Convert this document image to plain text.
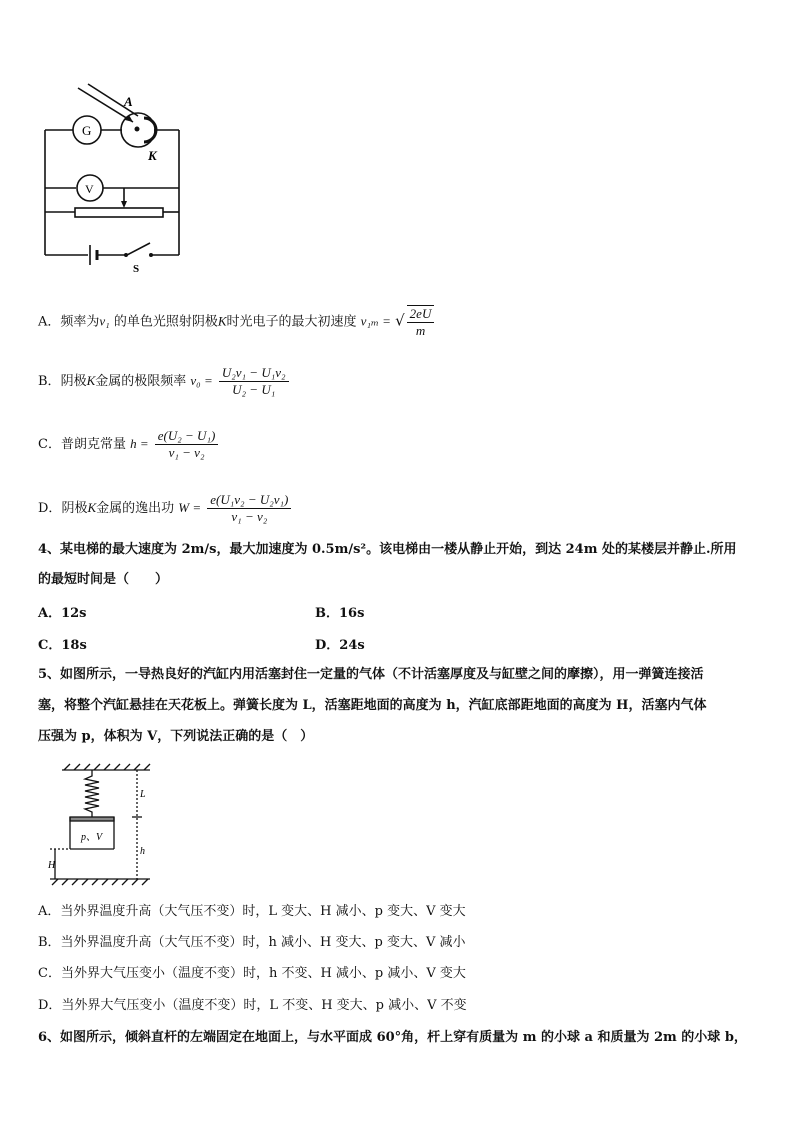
G
V
A
K
S
A．频率为v₁ 的单色光照射阴极K时光电子的最大初速度 v₁ₘ = √ $\frac{2eU}{m}$
B．阴极K金属的极限频率 $v_0 = \frac{\text{U₂v₁ − U₁v₂}}{\text{U₂ − U₁}}$
C．普朗克常量 $h = \frac{\text{e(U₂ − U₁)}}{\text{v₁ − v₂}}$
D．阴极K金属的逸出功 $W = \frac{\text{e(U₁v₂ − U₂v₁)}}{\text{v₁ − v₂}}$
4、某电梯的最大速度为 2m/s，最大加速度为 0.5m/s²。该电梯由一楼从静止开始，到达 24m 处的某楼层并静止.所用
的最短时间是（　　）
A．12s	B．16s
C．18s	D．24s
5、如图所示，一导热良好的汽缸内用活塞封住一定量的气体（不计活塞厚度及与缸壁之间的摩擦），用一弹簧连接活
塞，将整个汽缸悬挂在天花板上。弹簧长度为 L，活塞距地面的高度为 h，汽缸底部距地面的高度为 H，活塞内气体
压强为 p，体积为 V，下列说法正确的是（　）
p、V
L
h
H
A．当外界温度升高（大气压不变）时，L 变大、H 减小、p 变大、V 变大
B．当外界温度升高（大气压不变）时，h 减小、H 变大、p 变大、V 减小
C．当外界大气压变小（温度不变）时，h 不变、H 减小、p 减小、V 变大
D．当外界大气压变小（温度不变）时，L 不变、H 变大、p 减小、V 不变
6、如图所示，倾斜直杆的左端固定在地面上，与水平面成 60°角，杆上穿有质量为 m 的小球 a 和质量为 2m 的小球 b，
